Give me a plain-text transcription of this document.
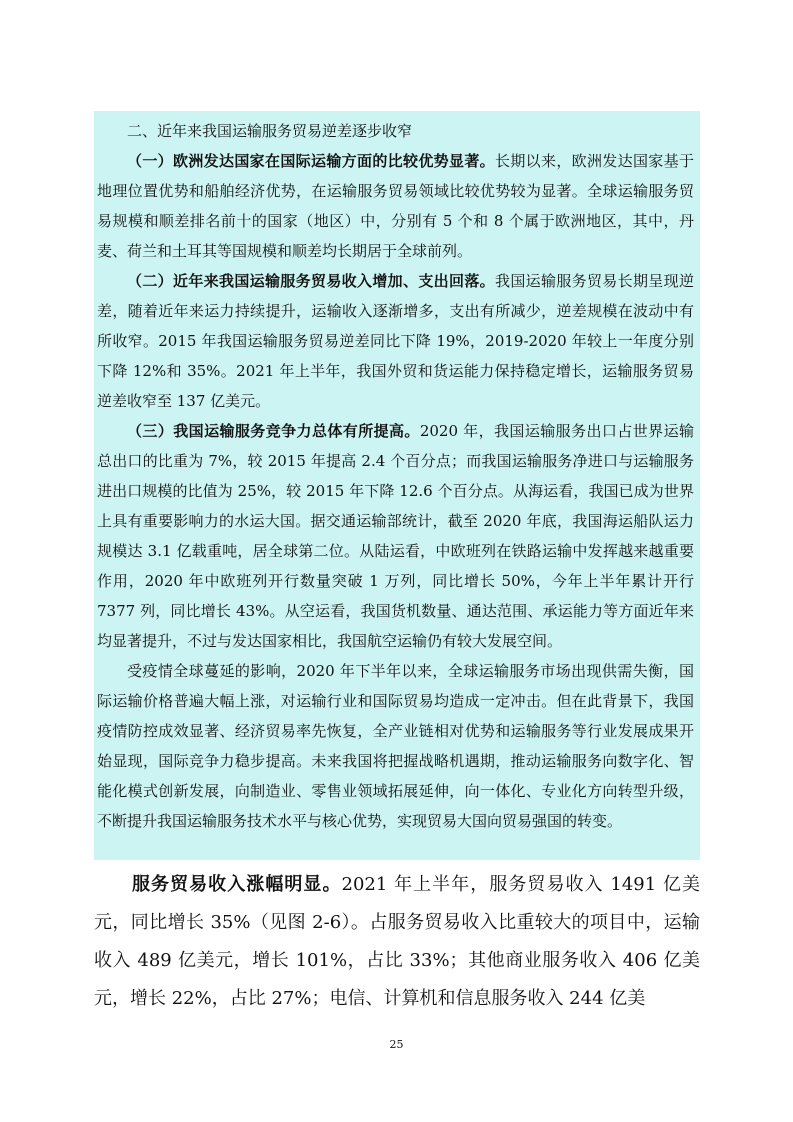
二、近年来我国运输服务贸易逆差逐步收窄

（一）欧洲发达国家在国际运输方面的比较优势显著。长期以来，欧洲发达国家基于地理位置优势和船舶经济优势，在运输服务贸易领域比较优势较为显著。全球运输服务贸易规模和顺差排名前十的国家（地区）中，分别有 5 个和 8 个属于欧洲地区，其中，丹麦、荷兰和土耳其等国规模和顺差均长期居于全球前列。

（二）近年来我国运输服务贸易收入增加、支出回落。我国运输服务贸易长期呈现逆差，随着近年来运力持续提升，运输收入逐渐增多，支出有所减少，逆差规模在波动中有所收窄。2015 年我国运输服务贸易逆差同比下降 19%，2019-2020 年较上一年度分别下降 12%和 35%。2021 年上半年，我国外贸和货运能力保持稳定增长，运输服务贸易逆差收窄至 137 亿美元。

（三）我国运输服务竞争力总体有所提高。2020 年，我国运输服务出口占世界运输总出口的比重为 7%，较 2015 年提高 2.4 个百分点；而我国运输服务净进口与运输服务进出口规模的比值为 25%，较 2015 年下降 12.6 个百分点。从海运看，我国已成为世界上具有重要影响力的水运大国。据交通运输部统计，截至 2020 年底，我国海运船队运力规模达 3.1 亿载重吨，居全球第二位。从陆运看，中欧班列在铁路运输中发挥越来越重要作用，2020 年中欧班列开行数量突破 1 万列，同比增长 50%，今年上半年累计开行 7377 列，同比增长 43%。从空运看，我国货机数量、通达范围、承运能力等方面近年来均显著提升，不过与发达国家相比，我国航空运输仍有较大发展空间。

受疫情全球蔓延的影响，2020 年下半年以来，全球运输服务市场出现供需失衡，国际运输价格普遍大幅上涨，对运输行业和国际贸易均造成一定冲击。但在此背景下，我国疫情防控成效显著、经济贸易率先恢复，全产业链相对优势和运输服务等行业发展成果开始显现，国际竞争力稳步提高。未来我国将把握战略机遇期，推动运输服务向数字化、智能化模式创新发展，向制造业、零售业领域拓展延伸，向一体化、专业化方向转型升级，不断提升我国运输服务技术水平与核心优势，实现贸易大国向贸易强国的转变。

服务贸易收入涨幅明显。2021 年上半年，服务贸易收入 1491 亿美元，同比增长 35%（见图 2-6）。占服务贸易收入比重较大的项目中，运输收入 489 亿美元，增长 101%，占比 33%；其他商业服务收入 406 亿美元，增长 22%，占比 27%；电信、计算机和信息服务收入 244 亿美

25
